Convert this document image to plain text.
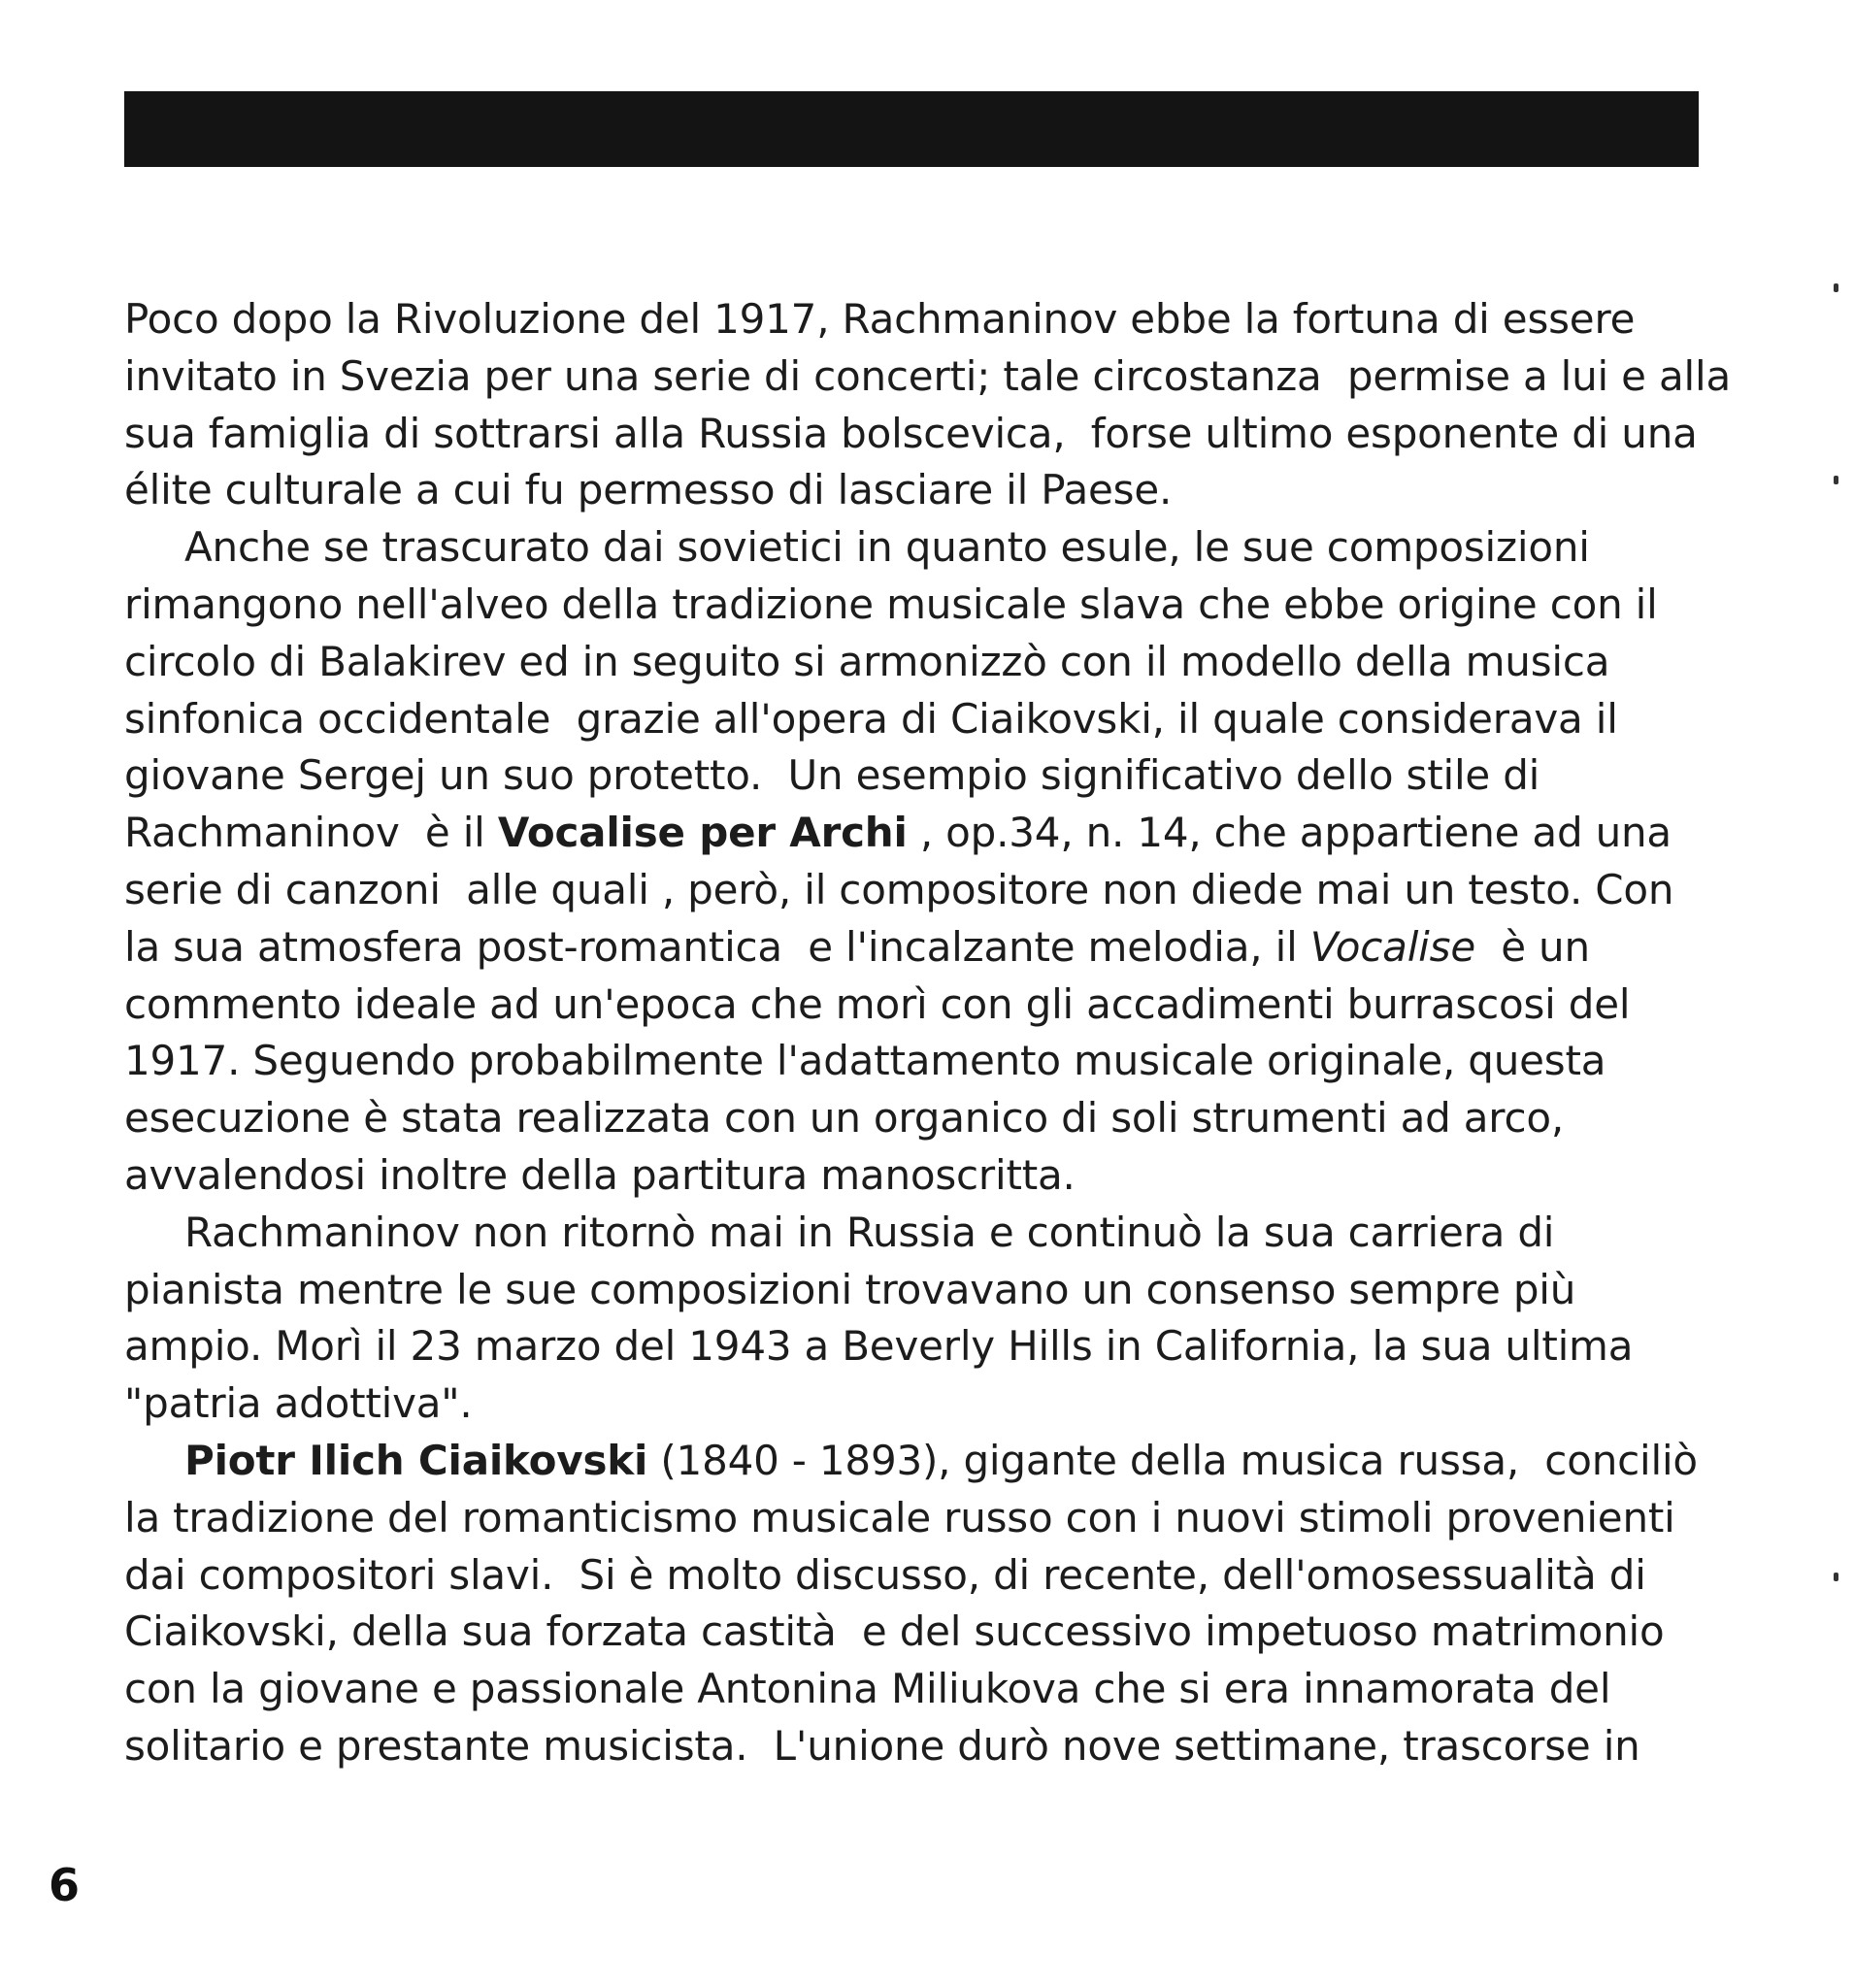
Poco dopo la Rivoluzione del 1917, Rachmaninov ebbe la fortuna di essere
invitato in Svezia per una serie di concerti; tale circostanza  permise a lui e alla
sua famiglia di sottrarsi alla Russia bolscevica,  forse ultimo esponente di una
élite culturale a cui fu permesso di lasciare il Paese.
Anche se trascurato dai sovietici in quanto esule, le sue composizioni
rimangono nell'alveo della tradizione musicale slava che ebbe origine con il
circolo di Balakirev ed in seguito si armonizzò con il modello della musica
sinfonica occidentale  grazie all'opera di Ciaikovski, il quale considerava il
giovane Sergej un suo protetto.  Un esempio significativo dello stile di
Rachmaninov  è il Vocalise per Archi , op.34, n. 14, che appartiene ad una
serie di canzoni  alle quali , però, il compositore non diede mai un testo. Con
la sua atmosfera post-romantica  e l'incalzante melodia, il Vocalise  è un
commento ideale ad un'epoca che morì con gli accadimenti burrascosi del
1917. Seguendo probabilmente l'adattamento musicale originale, questa
esecuzione è stata realizzata con un organico di soli strumenti ad arco,
avvalendosi inoltre della partitura manoscritta.
Rachmaninov non ritornò mai in Russia e continuò la sua carriera di
pianista mentre le sue composizioni trovavano un consenso sempre più
ampio. Morì il 23 marzo del 1943 a Beverly Hills in California, la sua ultima
"patria adottiva".
Piotr Ilich Ciaikovski (1840 - 1893), gigante della musica russa,  conciliò
la tradizione del romanticismo musicale russo con i nuovi stimoli provenienti
dai compositori slavi.  Si è molto discusso, di recente, dell'omosessualità di
Ciaikovski, della sua forzata castità  e del successivo impetuoso matrimonio
con la giovane e passionale Antonina Miliukova che si era innamorata del
solitario e prestante musicista.  L'unione durò nove settimane, trascorse in
6
